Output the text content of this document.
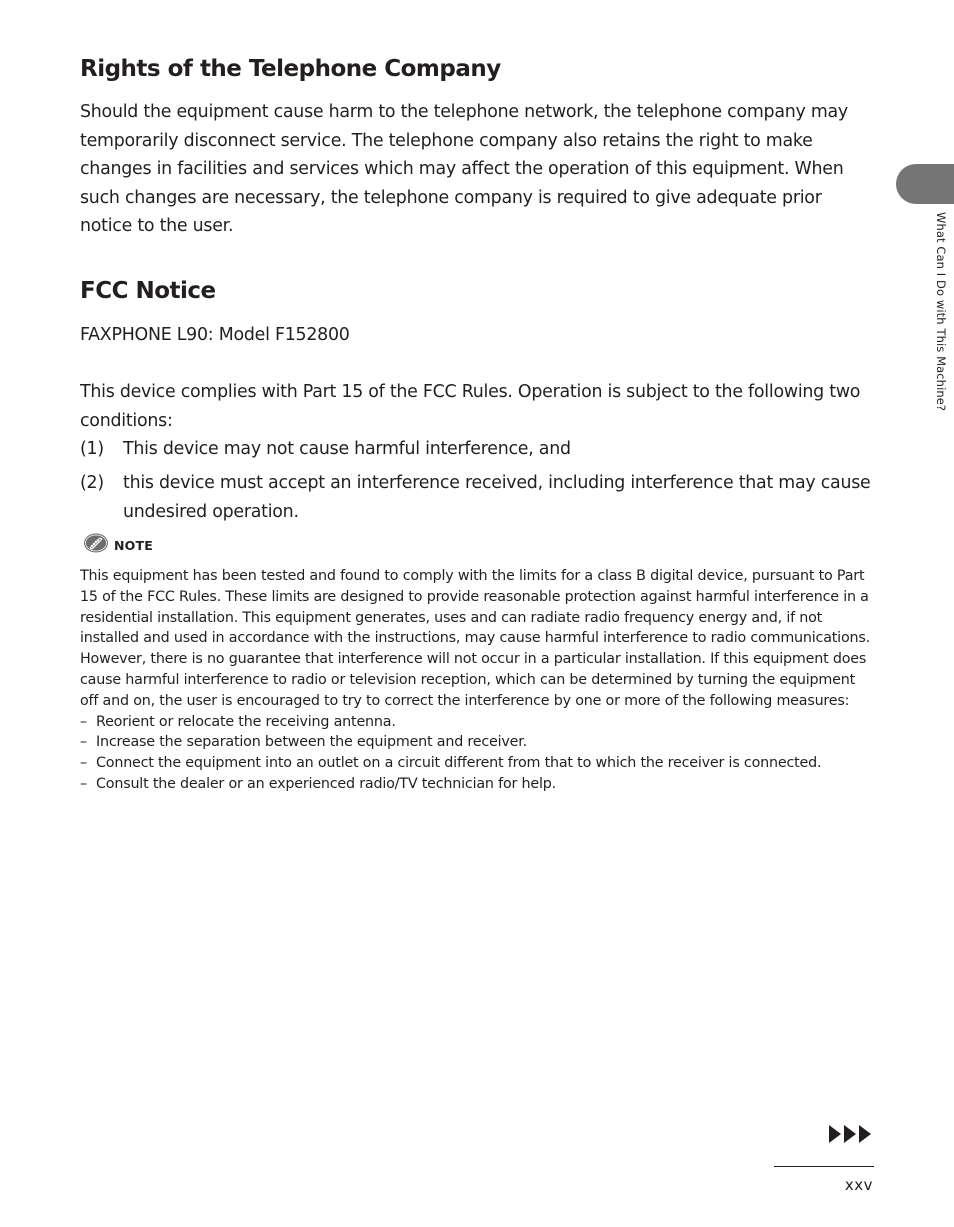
Rights of the Telephone Company

Should the equipment cause harm to the telephone network, the telephone company may temporarily disconnect service. The telephone company also retains the right to make changes in facilities and services which may affect the operation of this equipment. When such changes are necessary, the telephone company is required to give adequate prior notice to the user.

FCC Notice

FAXPHONE L90: Model F152800

This device complies with Part 15 of the FCC Rules. Operation is subject to the following two conditions:

(1)	This device may not cause harmful interference, and
(2)	this device must accept an interference received, including interference that may cause undesired operation.
NOTE

This equipment has been tested and found to comply with the limits for a class B digital device, pursuant to Part 15 of the FCC Rules. These limits are designed to provide reasonable protection against harmful interference in a residential installation. This equipment generates, uses and can radiate radio frequency energy and, if not installed and used in accordance with the instructions, may cause harmful interference to radio communications. However, there is no guarantee that interference will not occur in a particular installation. If this equipment does cause harmful interference to radio or television reception, which can be determined by turning the equipment off and on, the user is encouraged to try to correct the interference by one or more of the following measures:

– Reorient or relocate the receiving antenna.
– Increase the separation between the equipment and receiver.
– Connect the equipment into an outlet on a circuit different from that to which the receiver is connected.
– Consult the dealer or an experienced radio/TV technician for help.
What Can I Do with This Machine?
xxv
